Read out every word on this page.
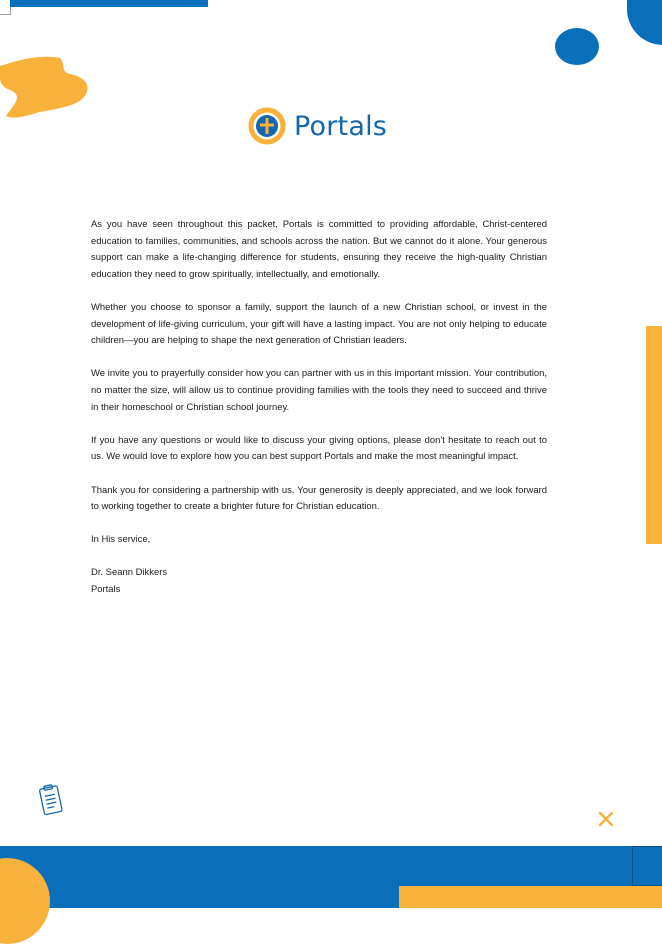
Portals

As you have seen throughout this packet, Portals is committed to providing affordable, Christ-centered education to families, communities, and schools across the nation. But we cannot do it alone. Your generous support can make a life-changing difference for students, ensuring they receive the high-quality Christian education they need to grow spiritually, intellectually, and emotionally.

Whether you choose to sponsor a family, support the launch of a new Christian school, or invest in the development of life-giving curriculum, your gift will have a lasting impact. You are not only helping to educate children—you are helping to shape the next generation of Christian leaders.

We invite you to prayerfully consider how you can partner with us in this important mission. Your contribution, no matter the size, will allow us to continue providing families with the tools they need to succeed and thrive in their homeschool or Christian school journey.

If you have any questions or would like to discuss your giving options, please don't hesitate to reach out to us. We would love to explore how you can best support Portals and make the most meaningful impact.

Thank you for considering a partnership with us. Your generosity is deeply appreciated, and we look forward to working together to create a brighter future for Christian education.

In His service,

Dr. Seann Dikkers

Portals
